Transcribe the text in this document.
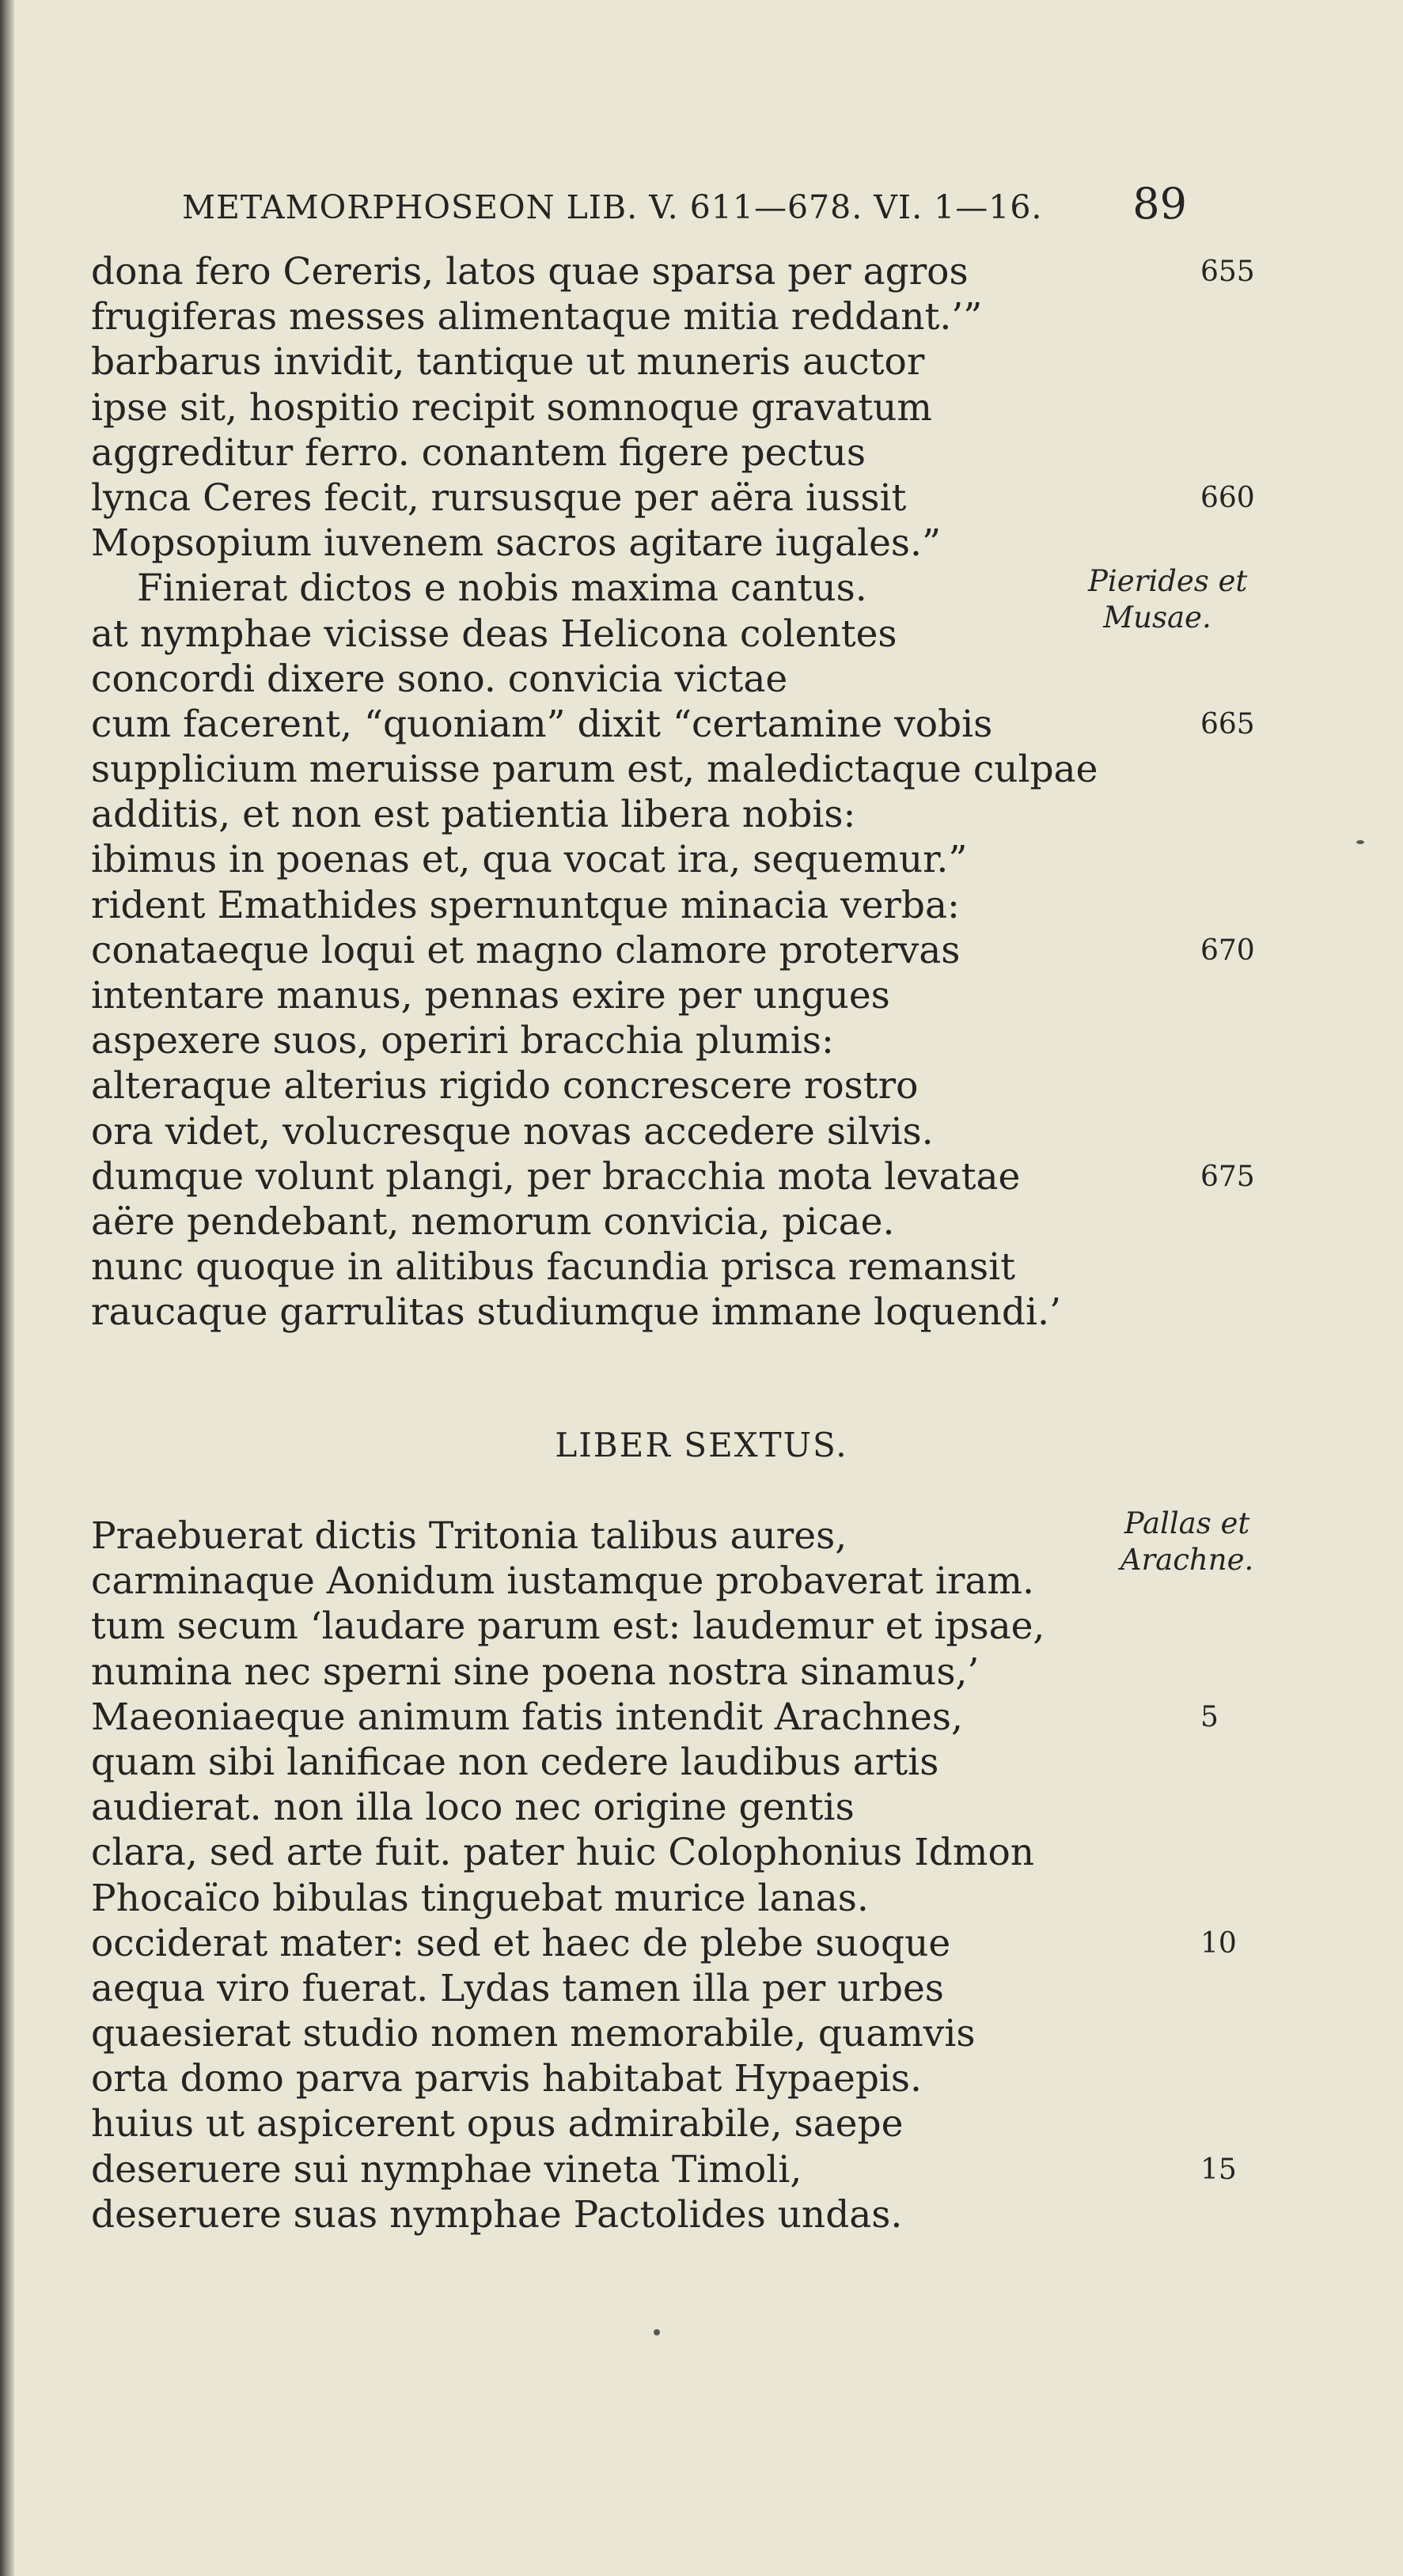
METAMORPHOSEON LIB. V. 611—678. VI. 1—16. 89
dona fero Cereris, latos quae sparsa per agros	655
frugiferas messes alimentaque mitia reddant.’”
barbarus invidit, tantique ut muneris auctor
ipse sit, hospitio recipit somnoque gravatum
aggreditur ferro. conantem figere pectus
lyncа Ceres fecit, rursusque per aëra iussit	660
Mopsopium iuvenem sacros agitare iugales.”
Finierat dictos e nobis maxima cantus.
at nymphae vicisse deas Helicona colentes
concordi dixere sono. convicia victae
cum facerent, “quoniam” dixit “certamine vobis	665
supplicium meruisse parum est, maledictaque culpae
additis, et non est patientia libera nobis:
ibimus in poenas et, qua vocat ira, sequemur.”
rident Emathides spernuntque minacia verba:
conataeque loqui et magno clamore protervas	670
intentare manus, pennas exire per ungues
aspexere suos, operiri bracchia plumis:
alteraque alterius rigido concrescere rostro
ora videt, volucresque novas accedere silvis.
dumque volunt plangi, per bracchia mota levatae	675
aëre pendebant, nemorum convicia, picae.
nunc quoque in alitibus facundia prisca remansit
raucaque garrulitas studiumque immane loquendi.’
Pierides et
Musae.
LIBER SEXTUS.
Praebuerat dictis Tritonia talibus aures,
carminaque Aonidum iustamque probaverat iram.
tum secum ‘laudare parum est: laudemur et ipsae,
numina nec sperni sine poena nostra sinamus,’
Maeoniaeque animum fatis intendit Arachnes,	5
quam sibi lanificae non cedere laudibus artis
audierat. non illa loco nec origine gentis
clara, sed arte fuit. pater huic Colophonius Idmon
Phocaïco bibulas tinguebat murice lanas.
occiderat mater: sed et haec de plebe suoque	10
aequa viro fuerat. Lydas tamen illa per urbes
quaesierat studio nomen memorabile, quamvis
orta domo parva parvis habitabat Hypaepis.
huius ut aspicerent opus admirabile, saepe
deseruere sui nymphae vineta Timoli,	15
deseruere suas nymphae Pactolides undas.
Pallas et
Arachne.
